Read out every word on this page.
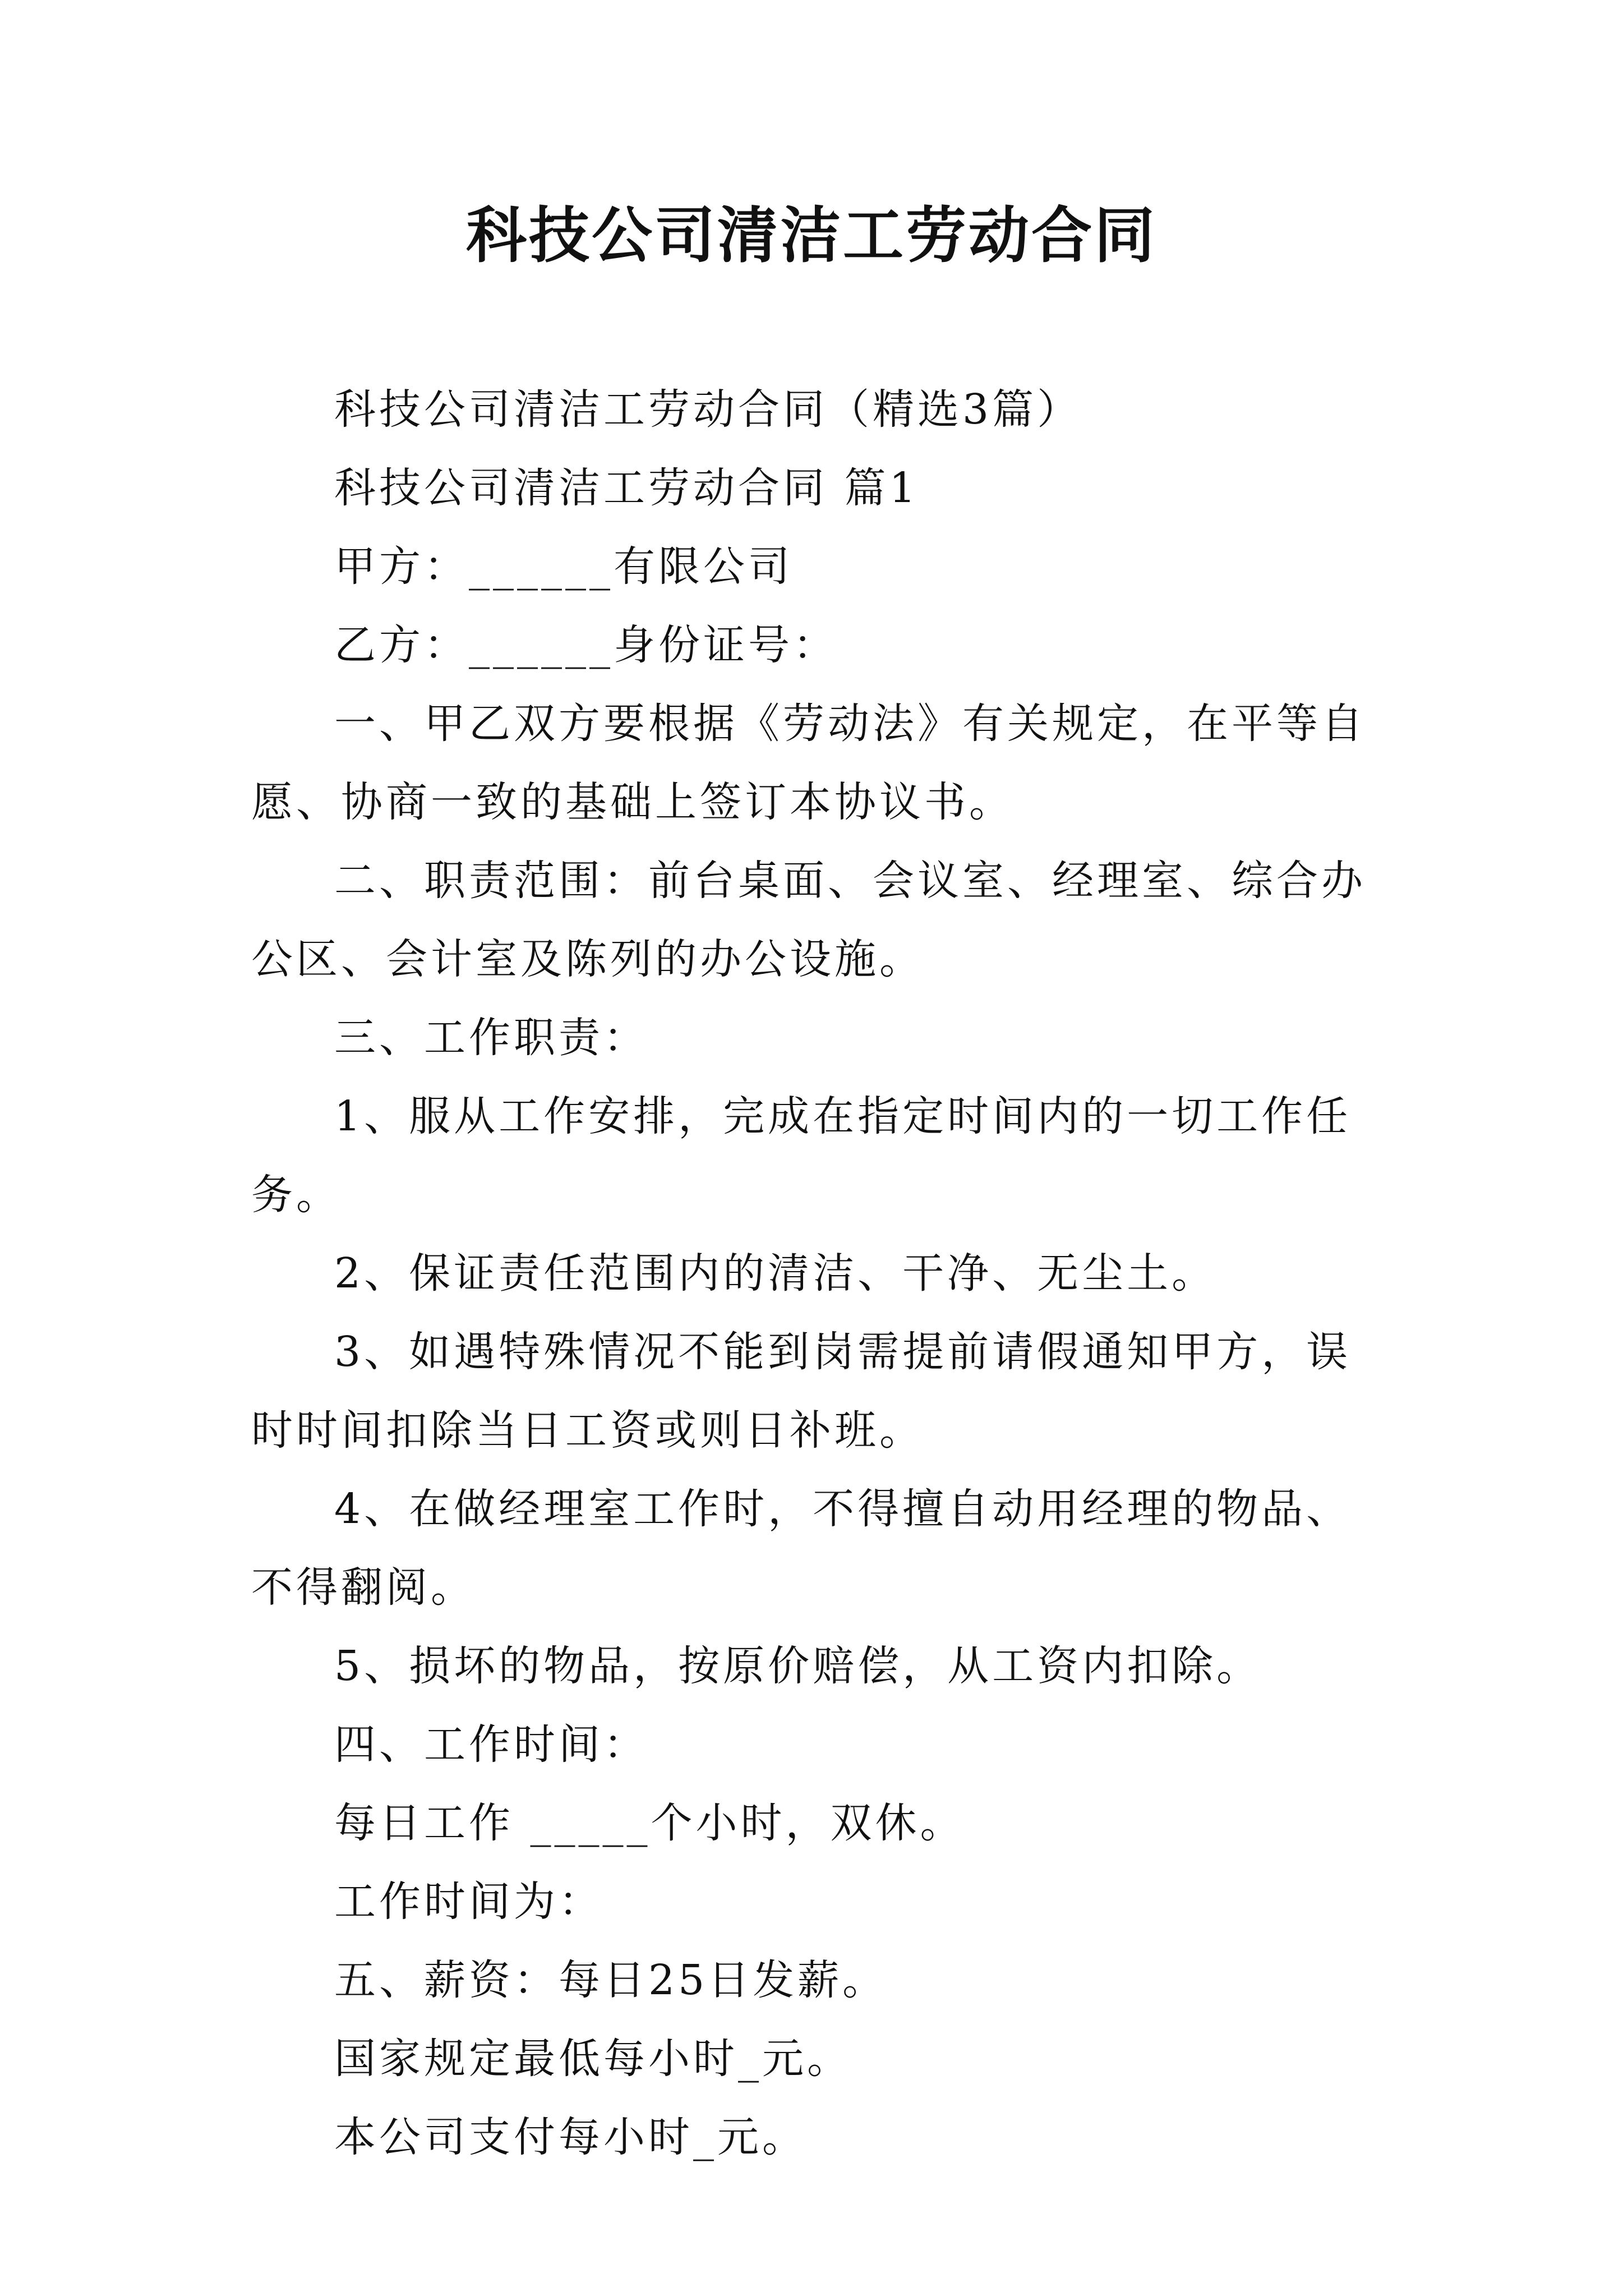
科技公司清洁工劳动合同

科技公司清洁工劳动合同（精选3篇）

科技公司清洁工劳动合同 篇1

甲方：______有限公司

乙方：______身份证号：

一、甲乙双方要根据《劳动法》有关规定，在平等自愿、协商一致的基础上签订本协议书。

二、职责范围：前台桌面、会议室、经理室、综合办公区、会计室及陈列的办公设施。

三、工作职责：

1、服从工作安排，完成在指定时间内的一切工作任务。

2、保证责任范围内的清洁、干净、无尘土。

3、如遇特殊情况不能到岗需提前请假通知甲方，误时时间扣除当日工资或则日补班。

4、在做经理室工作时，不得擅自动用经理的物品、不得翻阅。

5、损坏的物品，按原价赔偿，从工资内扣除。

四、工作时间：

每日工作 _____个小时，双休。

工作时间为：

五、薪资：每日25日发薪。

国家规定最低每小时_元。

本公司支付每小时_元。
